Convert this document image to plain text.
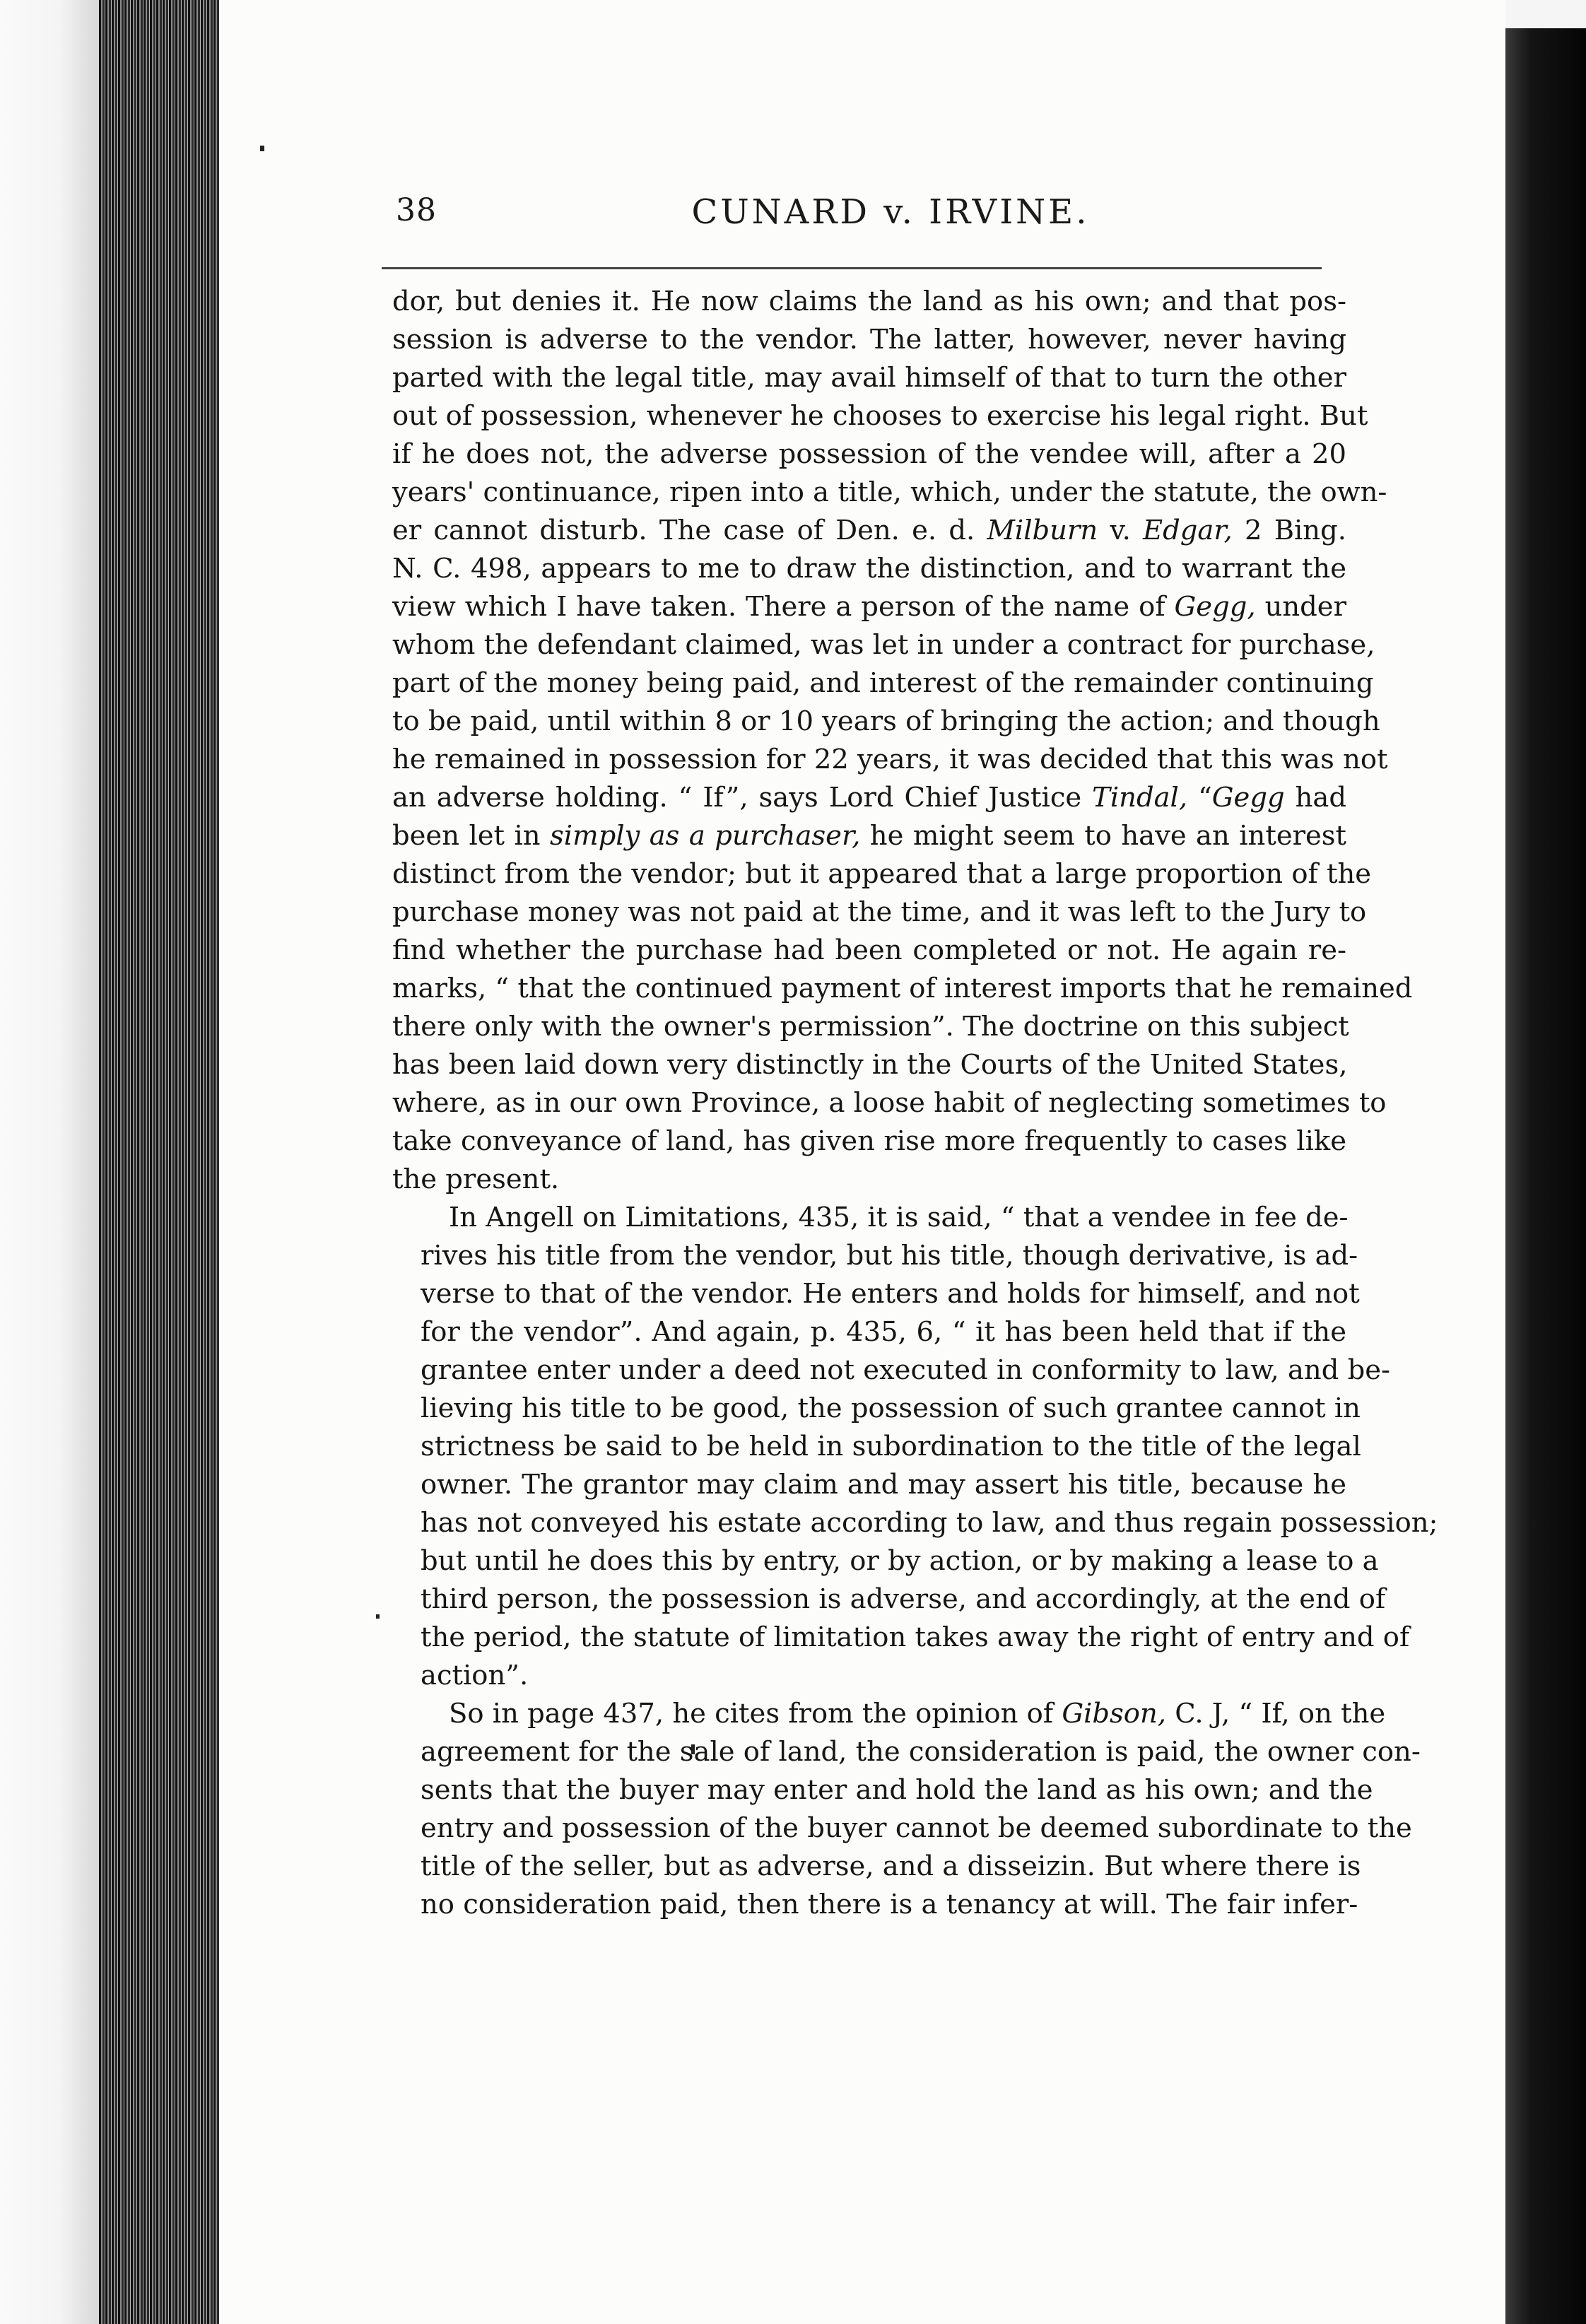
38	CUNARD v. IRVINE.
dor, but denies it. He now claims the land as his own; and that pos-
session is adverse to the vendor. The latter, however, never having
parted with the legal title, may avail himself of that to turn the other
out of possession, whenever he chooses to exercise his legal right. But
if he does not, the adverse possession of the vendee will, after a 20
years' continuance, ripen into a title, which, under the statute, the own-
er cannot disturb. The case of Den. e. d. Milburn v. Edgar, 2 Bing.
N. C. 498, appears to me to draw the distinction, and to warrant the
view which I have taken. There a person of the name of Gegg, under
whom the defendant claimed, was let in under a contract for purchase,
part of the money being paid, and interest of the remainder continuing
to be paid, until within 8 or 10 years of bringing the action; and though
he remained in possession for 22 years, it was decided that this was not
an adverse holding. “ If”, says Lord Chief Justice Tindal, “Gegg had
been let in simply as a purchaser, he might seem to have an interest
distinct from the vendor; but it appeared that a large proportion of the
purchase money was not paid at the time, and it was left to the Jury to
find whether the purchase had been completed or not. He again re-
marks, “ that the continued payment of interest imports that he remained
there only with the owner's permission”. The doctrine on this subject
has been laid down very distinctly in the Courts of the United States,
where, as in our own Province, a loose habit of neglecting sometimes to
take conveyance of land, has given rise more frequently to cases like
the present.
In Angell on Limitations, 435, it is said, “ that a vendee in fee de-
rives his title from the vendor, but his title, though derivative, is ad-
verse to that of the vendor. He enters and holds for himself, and not
for the vendor”. And again, p. 435, 6, “ it has been held that if the
grantee enter under a deed not executed in conformity to law, and be-
lieving his title to be good, the possession of such grantee cannot in
strictness be said to be held in subordination to the title of the legal
owner. The grantor may claim and may assert his title, because he
has not conveyed his estate according to law, and thus regain possession;
but until he does this by entry, or by action, or by making a lease to a
third person, the possession is adverse, and accordingly, at the end of
the period, the statute of limitation takes away the right of entry and of
action”.
So in page 437, he cites from the opinion of Gibson, C. J, “ If, on the
agreement for the sale of land, the consideration is paid, the owner con-
sents that the buyer may enter and hold the land as his own; and the
entry and possession of the buyer cannot be deemed subordinate to the
title of the seller, but as adverse, and a disseizin. But where there is
no consideration paid, then there is a tenancy at will. The fair infer-
